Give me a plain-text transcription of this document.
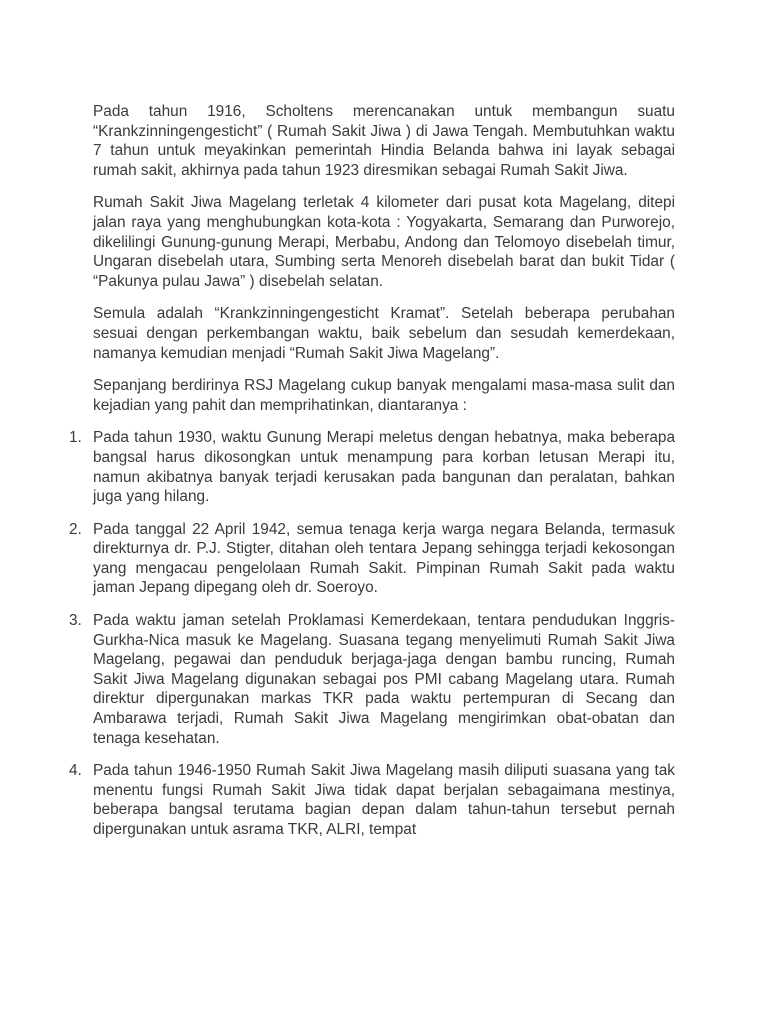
Pada tahun 1916, Scholtens merencanakan untuk membangun suatu “Krankzinningengesticht” ( Rumah Sakit Jiwa ) di Jawa Tengah. Membutuhkan waktu 7 tahun untuk meyakinkan pemerintah Hindia Belanda bahwa ini layak sebagai rumah sakit, akhirnya pada tahun 1923 diresmikan sebagai Rumah Sakit Jiwa.

Rumah Sakit Jiwa Magelang terletak 4 kilometer dari pusat kota Magelang, ditepi jalan raya yang menghubungkan kota-kota : Yogyakarta, Semarang dan Purworejo, dikelilingi Gunung-gunung Merapi, Merbabu, Andong dan Telomoyo disebelah timur, Ungaran disebelah utara, Sumbing serta Menoreh disebelah barat dan bukit Tidar ( “Pakunya pulau Jawa” ) disebelah selatan.

Semula adalah “Krankzinningengesticht Kramat”. Setelah beberapa perubahan sesuai dengan perkembangan waktu, baik sebelum dan sesudah kemerdekaan, namanya kemudian menjadi “Rumah Sakit Jiwa Magelang”.

Sepanjang berdirinya RSJ Magelang cukup banyak mengalami masa-masa sulit dan kejadian yang pahit dan memprihatinkan, diantaranya :

1. Pada tahun 1930, waktu Gunung Merapi meletus dengan hebatnya, maka beberapa bangsal harus dikosongkan untuk menampung para korban letusan Merapi itu, namun akibatnya banyak terjadi kerusakan pada bangunan dan peralatan, bahkan juga yang hilang.
2. Pada tanggal 22 April 1942, semua tenaga kerja warga negara Belanda, termasuk direkturnya dr. P.J. Stigter, ditahan oleh tentara Jepang sehingga terjadi kekosongan yang mengacau pengelolaan Rumah Sakit. Pimpinan Rumah Sakit pada waktu jaman Jepang dipegang oleh dr. Soeroyo.
3. Pada waktu jaman setelah Proklamasi Kemerdekaan, tentara pendudukan Inggris-Gurkha-Nica masuk ke Magelang. Suasana tegang menyelimuti Rumah Sakit Jiwa Magelang, pegawai dan penduduk berjaga-jaga dengan bambu runcing, Rumah Sakit Jiwa Magelang digunakan sebagai pos PMI cabang Magelang utara. Rumah direktur dipergunakan markas TKR pada waktu pertempuran di Secang dan Ambarawa terjadi, Rumah Sakit Jiwa Magelang mengirimkan obat-obatan dan tenaga kesehatan.
4. Pada tahun 1946-1950 Rumah Sakit Jiwa Magelang masih diliputi suasana yang tak menentu fungsi Rumah Sakit Jiwa tidak dapat berjalan sebagaimana mestinya, beberapa bangsal terutama bagian depan dalam tahun-tahun tersebut pernah dipergunakan untuk asrama TKR, ALRI, tempat
